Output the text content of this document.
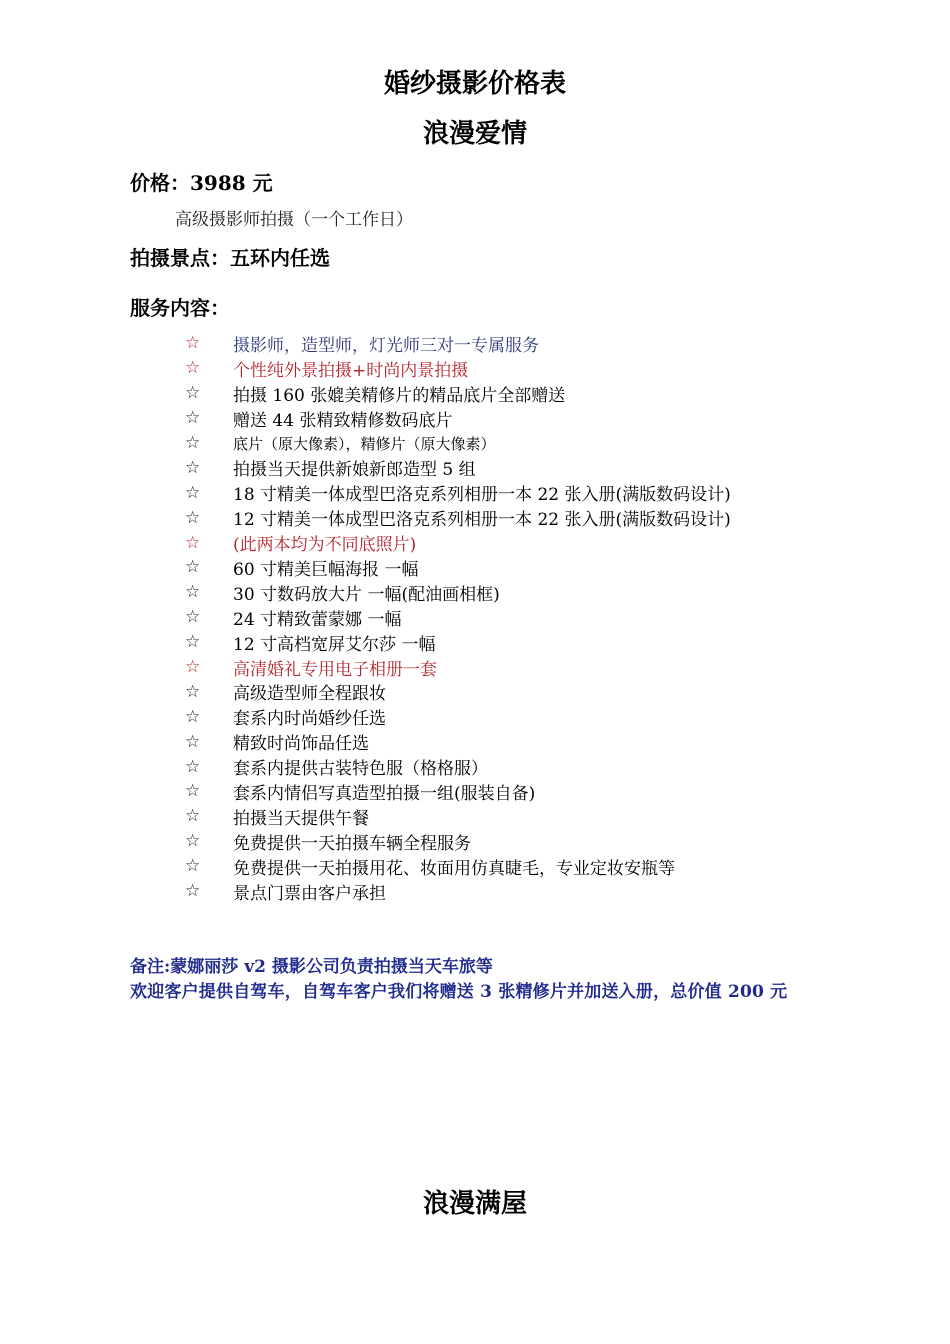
婚纱摄影价格表
浪漫爱情
价格：3988 元
高级摄影师拍摄（一个工作日）
拍摄景点：五环内任选
服务内容：
☆	摄影师，造型师，灯光师三对一专属服务
☆	个性纯外景拍摄+时尚内景拍摄
☆	拍摄 160 张媲美精修片的精品底片全部赠送
☆	赠送 44 张精致精修数码底片
☆	底片（原大像素），精修片（原大像素）
☆	拍摄当天提供新娘新郎造型 5 组
☆	18 寸精美一体成型巴洛克系列相册一本 22 张入册(满版数码设计)
☆	12 寸精美一体成型巴洛克系列相册一本 22 张入册(满版数码设计)
☆	(此两本均为不同底照片)
☆	60 寸精美巨幅海报 一幅
☆	30 寸数码放大片 一幅(配油画相框)
☆	24 寸精致蕾蒙娜 一幅
☆	12 寸高档宽屏艾尔莎 一幅
☆	高清婚礼专用电子相册一套
☆	高级造型师全程跟妆
☆	套系内时尚婚纱任选
☆	精致时尚饰品任选
☆	套系内提供古装特色服（格格服）
☆	套系内情侣写真造型拍摄一组(服装自备)
☆	拍摄当天提供午餐
☆	免费提供一天拍摄车辆全程服务
☆	免费提供一天拍摄用花、妆面用仿真睫毛，专业定妆安瓶等
☆	景点门票由客户承担
备注:蒙娜丽莎 v2 摄影公司负责拍摄当天车旅等
欢迎客户提供自驾车，自驾车客户我们将赠送 3 张精修片并加送入册，总价值 200 元
浪漫满屋
